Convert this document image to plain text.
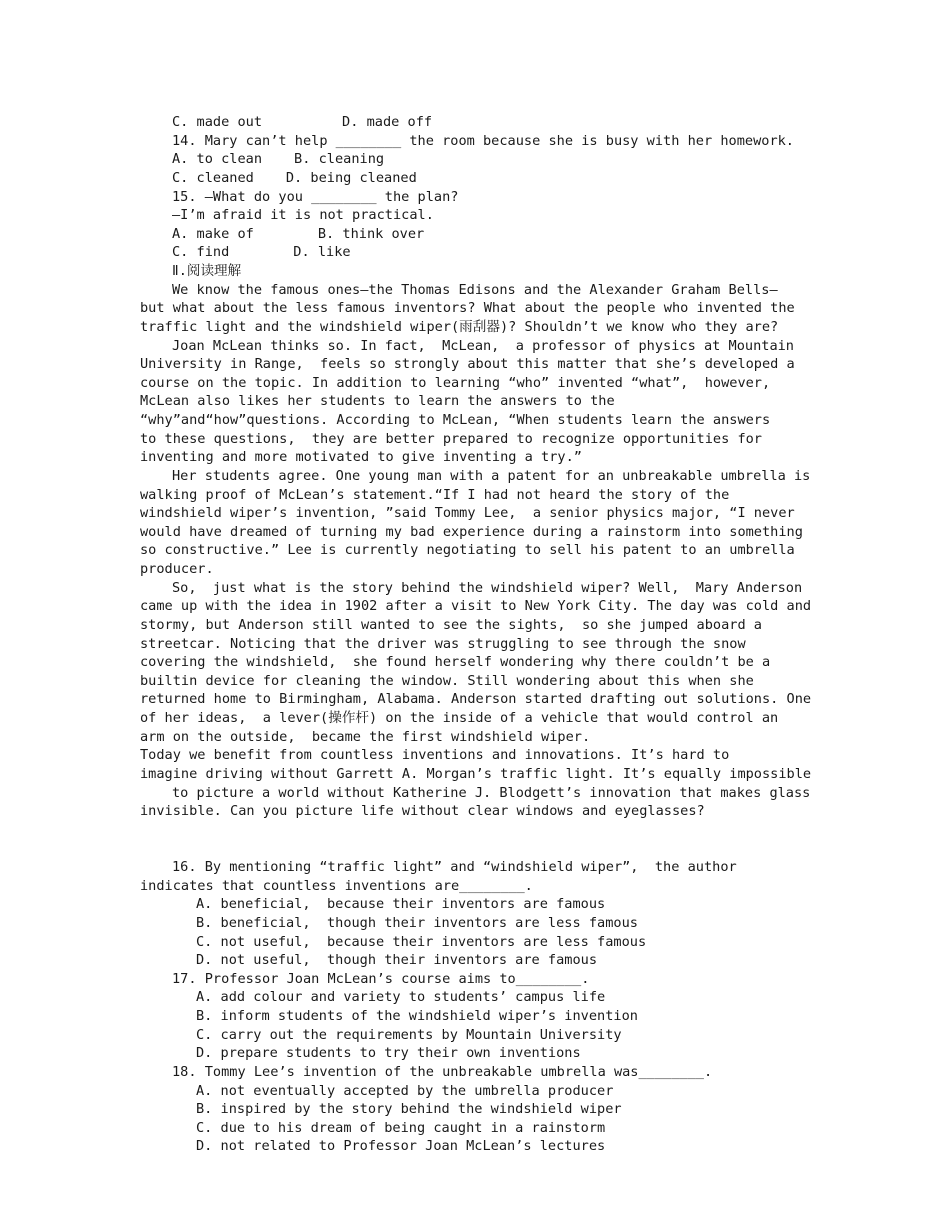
C. made out	D. made off
14. Mary can’t help ________ the room because she is busy with her homework.
A. to clean B. cleaning
C. cleaned D. being cleaned
15. —What do you ________ the plan?
—I’m afraid it is not practical.
A. make of	B. think over
C. find	D. like
Ⅱ.阅读理解
We know the famous ones—the Thomas Edisons and the Alexander Graham Bells—
but what about the less famous inventors? What about the people who invented the
traffic light and the windshield wiper(雨刮器)? Shouldn’t we know who they are?
Joan McLean thinks so. In fact,  McLean,  a professor of physics at Mountain
University in Range,  feels so strongly about this matter that she’s developed a
course on the topic. In addition to learning “who” invented “what”,  however,
McLean also likes her students to learn the answers to the
“why”and“how”questions. According to McLean, “When students learn the answers
to these questions,  they are better prepared to recognize opportunities for
inventing and more motivated to give inventing a try.”
Her students agree. One young man with a patent for an unbreakable umbrella is
walking proof of McLean’s statement.“If I had not heard the story of the
windshield wiper’s invention, ”said Tommy Lee,  a senior physics major, “I never
would have dreamed of turning my bad experience during a rainstorm into something
so constructive.” Lee is currently negotiating to sell his patent to an umbrella
producer.
So,  just what is the story behind the windshield wiper? Well,  Mary Anderson
came up with the idea in 1902 after a visit to New York City. The day was cold and
stormy, but Anderson still wanted to see the sights,  so she jumped aboard a
streetcar. Noticing that the driver was struggling to see through the snow
covering the windshield,  she found herself wondering why there couldn’t be a
builtin device for cleaning the window. Still wondering about this when she
returned home to Birmingham, Alabama. Anderson started drafting out solutions. One
of her ideas,  a lever(操作杆) on the inside of a vehicle that would control an
arm on the outside,  became the first windshield wiper.
Today we benefit from countless inventions and innovations. It’s hard to
imagine driving without Garrett A. Morgan’s traffic light. It’s equally impossible
to picture a world without Katherine J. Blodgett’s innovation that makes glass
invisible. Can you picture life without clear windows and eyeglasses?
16. By mentioning “traffic light” and “windshield wiper”,  the author
indicates that countless inventions are________.
A. beneficial,  because their inventors are famous
B. beneficial,  though their inventors are less famous
C. not useful,  because their inventors are less famous
D. not useful,  though their inventors are famous
17. Professor Joan McLean’s course aims to________.
A. add colour and variety to students’ campus life
B. inform students of the windshield wiper’s invention
C. carry out the requirements by Mountain University
D. prepare students to try their own inventions
18. Tommy Lee’s invention of the unbreakable umbrella was________.
A. not eventually accepted by the umbrella producer
B. inspired by the story behind the windshield wiper
C. due to his dream of being caught in a rainstorm
D. not related to Professor Joan McLean’s lectures
